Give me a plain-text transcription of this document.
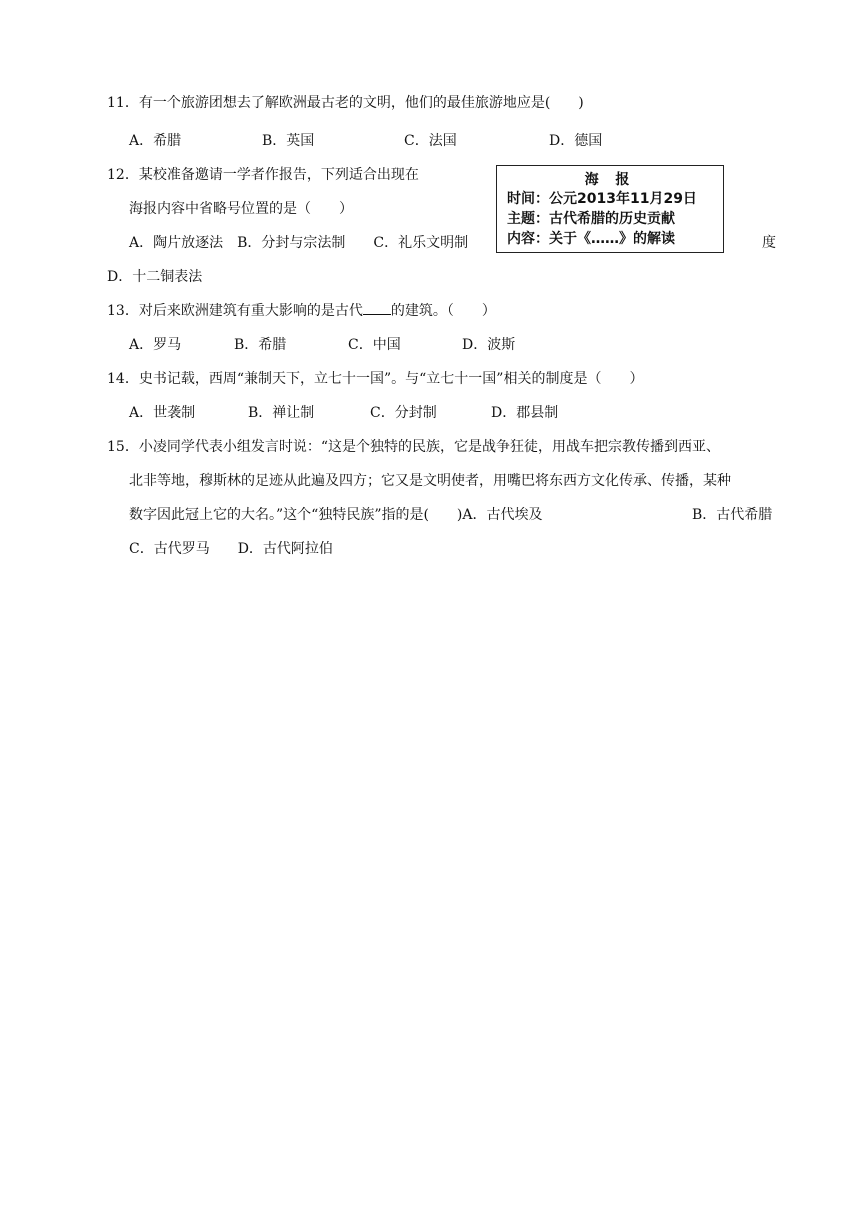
11．有一个旅游团想去了解欧洲最古老的文明，他们的最佳旅游地应是(　　)
A．希腊	B．英国	C．法国	D．德国
12．某校准备邀请一学者作报告，下列适合出现在
海报内容中省略号位置的是（　　）
A．陶片放逐法　B．分封与宗法制　　C．礼乐文明制	度
D．十二铜表法
海 报
时间：公元2013年11月29日
主题：古代希腊的历史贡献
内容：关于《……》的解读
13．对后来欧洲建筑有重大影响的是古代 的建筑。（　　）
A．罗马	B．希腊	C．中国	D．波斯
14．史书记载，西周“兼制天下，立七十一国”。与“立七十一国”相关的制度是（　　）
A．世袭制	B．禅让制	C．分封制	D．郡县制
15．小凌同学代表小组发言时说：“这是个独特的民族，它是战争狂徒，用战车把宗教传播到西亚、
北非等地，穆斯林的足迹从此遍及四方；它又是文明使者，用嘴巴将东西方文化传承、传播，某种
数字因此冠上它的大名。”这个“独特民族”指的是(　　)A．古代埃及	B．古代希腊
C．古代罗马　　D．古代阿拉伯
